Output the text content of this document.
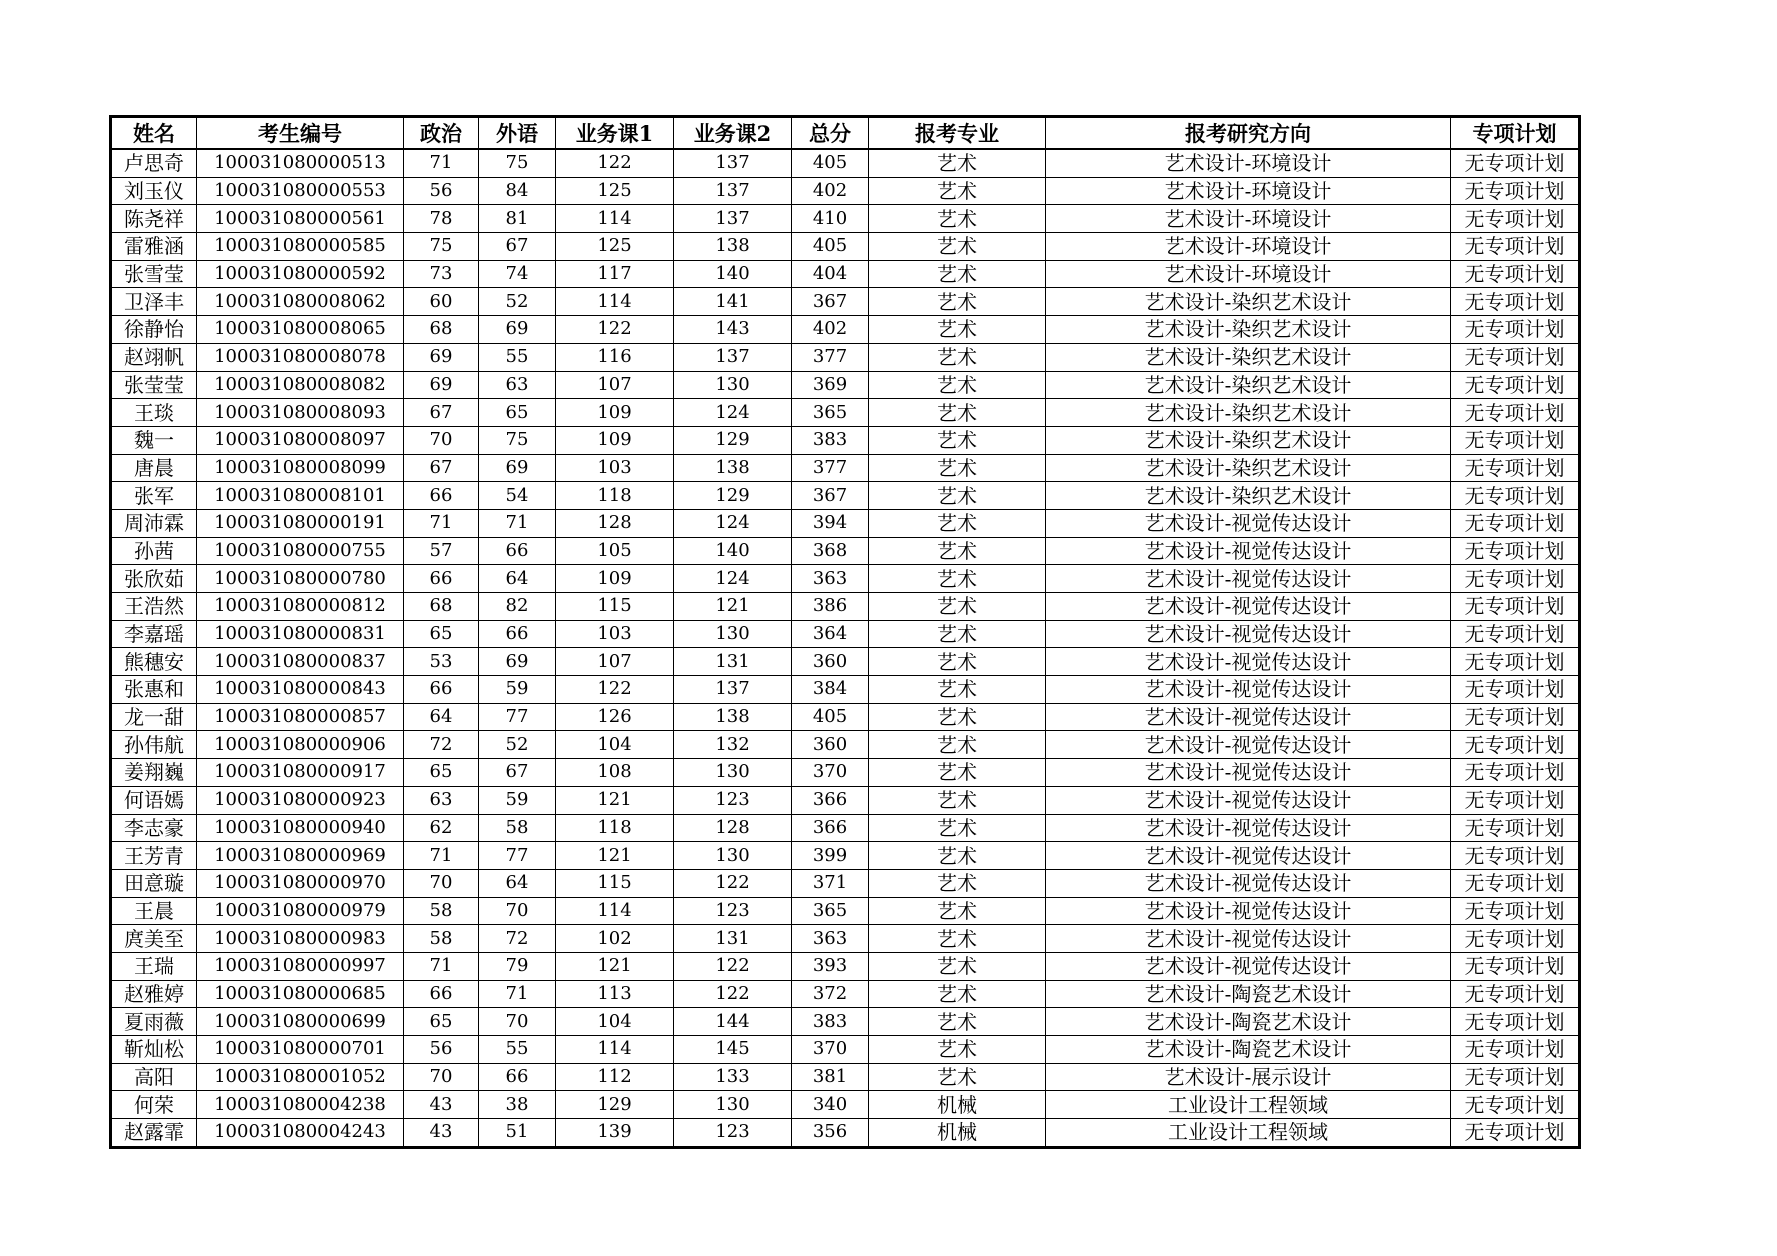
姓名	考生编号	政治	外语	业务课1	业务课2	总分	报考专业	报考研究方向	专项计划
卢思奇	100031080000513	71	75	122	137	405	艺术	艺术设计-环境设计	无专项计划
刘玉仪	100031080000553	56	84	125	137	402	艺术	艺术设计-环境设计	无专项计划
陈尧祥	100031080000561	78	81	114	137	410	艺术	艺术设计-环境设计	无专项计划
雷雅涵	100031080000585	75	67	125	138	405	艺术	艺术设计-环境设计	无专项计划
张雪莹	100031080000592	73	74	117	140	404	艺术	艺术设计-环境设计	无专项计划
卫泽丰	100031080008062	60	52	114	141	367	艺术	艺术设计-染织艺术设计	无专项计划
徐静怡	100031080008065	68	69	122	143	402	艺术	艺术设计-染织艺术设计	无专项计划
赵翊帆	100031080008078	69	55	116	137	377	艺术	艺术设计-染织艺术设计	无专项计划
张莹莹	100031080008082	69	63	107	130	369	艺术	艺术设计-染织艺术设计	无专项计划
王琰	100031080008093	67	65	109	124	365	艺术	艺术设计-染织艺术设计	无专项计划
魏一	100031080008097	70	75	109	129	383	艺术	艺术设计-染织艺术设计	无专项计划
唐晨	100031080008099	67	69	103	138	377	艺术	艺术设计-染织艺术设计	无专项计划
张军	100031080008101	66	54	118	129	367	艺术	艺术设计-染织艺术设计	无专项计划
周沛霖	100031080000191	71	71	128	124	394	艺术	艺术设计-视觉传达设计	无专项计划
孙茜	100031080000755	57	66	105	140	368	艺术	艺术设计-视觉传达设计	无专项计划
张欣茹	100031080000780	66	64	109	124	363	艺术	艺术设计-视觉传达设计	无专项计划
王浩然	100031080000812	68	82	115	121	386	艺术	艺术设计-视觉传达设计	无专项计划
李嘉瑶	100031080000831	65	66	103	130	364	艺术	艺术设计-视觉传达设计	无专项计划
熊穗安	100031080000837	53	69	107	131	360	艺术	艺术设计-视觉传达设计	无专项计划
张惠和	100031080000843	66	59	122	137	384	艺术	艺术设计-视觉传达设计	无专项计划
龙一甜	100031080000857	64	77	126	138	405	艺术	艺术设计-视觉传达设计	无专项计划
孙伟航	100031080000906	72	52	104	132	360	艺术	艺术设计-视觉传达设计	无专项计划
姜翔巍	100031080000917	65	67	108	130	370	艺术	艺术设计-视觉传达设计	无专项计划
何语嫣	100031080000923	63	59	121	123	366	艺术	艺术设计-视觉传达设计	无专项计划
李志豪	100031080000940	62	58	118	128	366	艺术	艺术设计-视觉传达设计	无专项计划
王芳青	100031080000969	71	77	121	130	399	艺术	艺术设计-视觉传达设计	无专项计划
田意璇	100031080000970	70	64	115	122	371	艺术	艺术设计-视觉传达设计	无专项计划
王晨	100031080000979	58	70	114	123	365	艺术	艺术设计-视觉传达设计	无专项计划
庹美至	100031080000983	58	72	102	131	363	艺术	艺术设计-视觉传达设计	无专项计划
王瑞	100031080000997	71	79	121	122	393	艺术	艺术设计-视觉传达设计	无专项计划
赵雅婷	100031080000685	66	71	113	122	372	艺术	艺术设计-陶瓷艺术设计	无专项计划
夏雨薇	100031080000699	65	70	104	144	383	艺术	艺术设计-陶瓷艺术设计	无专项计划
靳灿松	100031080000701	56	55	114	145	370	艺术	艺术设计-陶瓷艺术设计	无专项计划
高阳	100031080001052	70	66	112	133	381	艺术	艺术设计-展示设计	无专项计划
何荣	100031080004238	43	38	129	130	340	机械	工业设计工程领域	无专项计划
赵露霏	100031080004243	43	51	139	123	356	机械	工业设计工程领域	无专项计划
